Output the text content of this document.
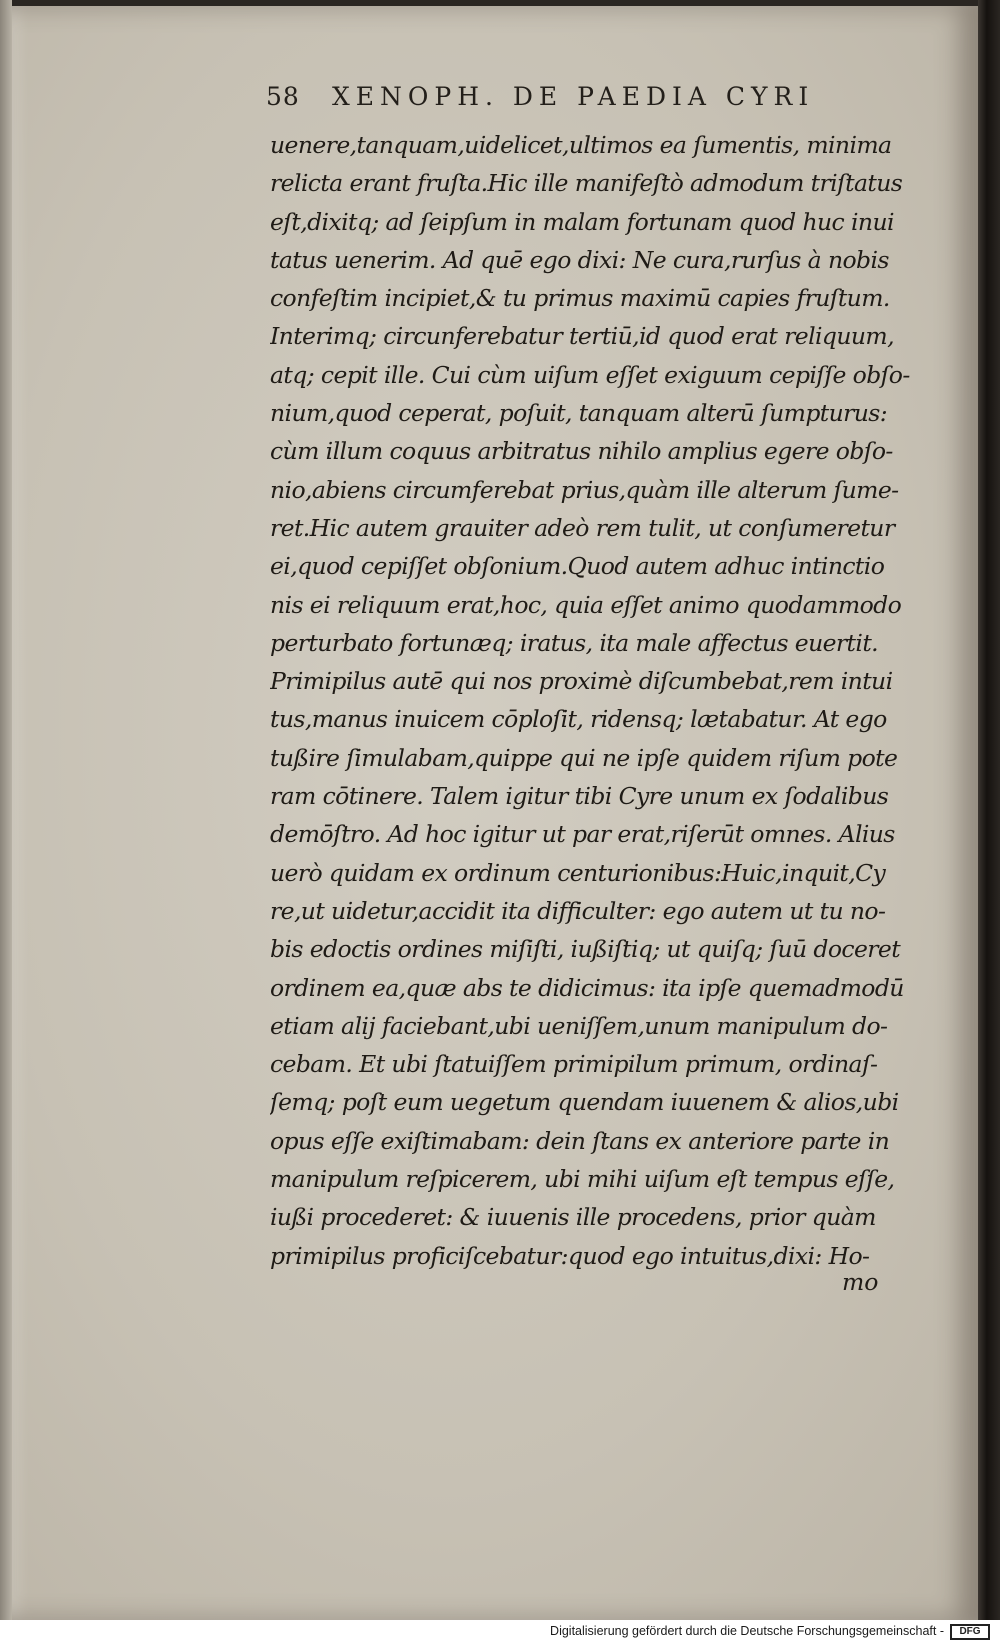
58 XENOPH. DE PAEDIA CYRI
uenere,tanquam,uidelicet,ultimos ea ſumentis, minima
relicta erant fruſta.Hic ille manifeſtò admodum triſtatus
eſt,dixitq; ad ſeipſum in malam fortunam quod huc inui
tatus uenerim. Ad quē ego dixi: Ne cura,rurſus à nobis
confeſtim incipiet,& tu primus maximū capies fruſtum.
Interimq; circunferebatur tertiū,id quod erat reliquum,
atq; cepit ille. Cui cùm uiſum eſſet exiguum cepiſſe obſo-
nium,quod ceperat, poſuit, tanquam alterū ſumpturus:
cùm illum coquus arbitratus nihilo amplius egere obſo-
nio,abiens circumferebat prius,quàm ille alterum ſume-
ret.Hic autem grauiter adeò rem tulit, ut conſumeretur
ei,quod cepiſſet obſonium.Quod autem adhuc intinctio
nis ei reliquum erat,hoc, quia eſſet animo quodammodo
perturbato fortunæq; iratus, ita male affectus euertit.
Primipilus autē qui nos proximè diſcumbebat,rem intui
tus,manus inuicem cōploſit, ridensq; lætabatur. At ego
tußire ſimulabam,quippe qui ne ipſe quidem riſum pote
ram cōtinere. Talem igitur tibi Cyre unum ex ſodalibus
demōſtro. Ad hoc igitur ut par erat,riſerūt omnes. Alius
uerò quidam ex ordinum centurionibus:Huic,inquit,Cy
re,ut uidetur,accidit ita difficulter: ego autem ut tu no-
bis edoctis ordines miſiſti, iußiſtiq; ut quiſq; ſuū doceret
ordinem ea,quæ abs te didicimus: ita ipſe quemadmodū
etiam alij faciebant,ubi ueniſſem,unum manipulum do-
cebam. Et ubi ſtatuiſſem primipilum primum, ordinaſ-
ſemq; poſt eum uegetum quendam iuuenem & alios,ubi
opus eſſe exiſtimabam: dein ſtans ex anteriore parte in
manipulum reſpicerem, ubi mihi uiſum eſt tempus eſſe,
iußi procederet: & iuuenis ille procedens, prior quàm
primipilus proficiſcebatur:quod ego intuitus,dixi: Ho-
mo
Digitalisierung gefördert durch die Deutsche Forschungsgemeinschaft -	DFG
